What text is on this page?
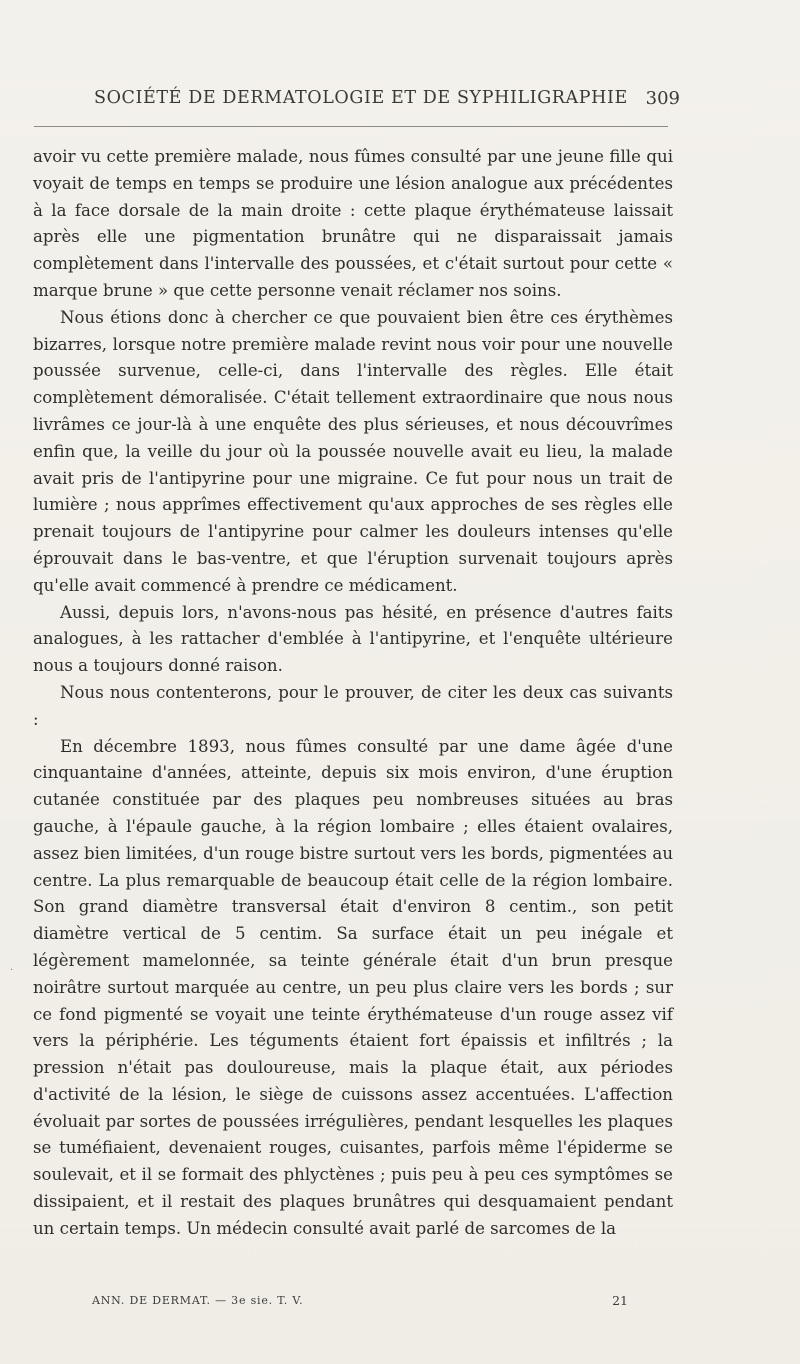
SOCIÉTÉ DE DERMATOLOGIE ET DE SYPHILIGRAPHIE 309

avoir vu cette première malade, nous fûmes consulté par une jeune fille qui voyait de temps en temps se produire une lésion analogue aux précédentes à la face dorsale de la main droite : cette plaque érythémateuse laissait après elle une pigmentation brunâtre qui ne disparaissait jamais complètement dans l'intervalle des poussées, et c'était surtout pour cette « marque brune » que cette personne venait réclamer nos soins.

Nous étions donc à chercher ce que pouvaient bien être ces érythèmes bizarres, lorsque notre première malade revint nous voir pour une nouvelle poussée survenue, celle-ci, dans l'intervalle des règles. Elle était complètement démoralisée. C'était tellement extraordinaire que nous nous livrâmes ce jour-là à une enquête des plus sérieuses, et nous découvrîmes enfin que, la veille du jour où la poussée nouvelle avait eu lieu, la malade avait pris de l'antipyrine pour une migraine. Ce fut pour nous un trait de lumière ; nous apprîmes effectivement qu'aux approches de ses règles elle prenait toujours de l'antipyrine pour calmer les douleurs intenses qu'elle éprouvait dans le bas-ventre, et que l'éruption survenait toujours après qu'elle avait commencé à prendre ce médicament.

Aussi, depuis lors, n'avons-nous pas hésité, en présence d'autres faits analogues, à les rattacher d'emblée à l'antipyrine, et l'enquête ultérieure nous a toujours donné raison.

Nous nous contenterons, pour le prouver, de citer les deux cas suivants :

En décembre 1893, nous fûmes consulté par une dame âgée d'une cinquantaine d'années, atteinte, depuis six mois environ, d'une éruption cutanée constituée par des plaques peu nombreuses situées au bras gauche, à l'épaule gauche, à la région lombaire ; elles étaient ovalaires, assez bien limitées, d'un rouge bistre surtout vers les bords, pigmentées au centre. La plus remarquable de beaucoup était celle de la région lombaire. Son grand diamètre transversal était d'environ 8 centim., son petit diamètre vertical de 5 centim. Sa surface était un peu inégale et légèrement mamelonnée, sa teinte générale était d'un brun presque noirâtre surtout marquée au centre, un peu plus claire vers les bords ; sur ce fond pigmenté se voyait une teinte érythémateuse d'un rouge assez vif vers la périphérie. Les téguments étaient fort épaissis et infiltrés ; la pression n'était pas douloureuse, mais la plaque était, aux périodes d'activité de la lésion, le siège de cuissons assez accentuées. L'affection évoluait par sortes de poussées irrégulières, pendant lesquelles les plaques se tuméfiaient, devenaient rouges, cuisantes, parfois même l'épiderme se soulevait, et il se formait des phlyctènes ; puis peu à peu ces symptômes se dissipaient, et il restait des plaques brunâtres qui desquamaient pendant un certain temps. Un médecin consulté avait parlé de sarcomes de la

·
ANN. DE DERMAT. — 3e sie. T. V.	21
